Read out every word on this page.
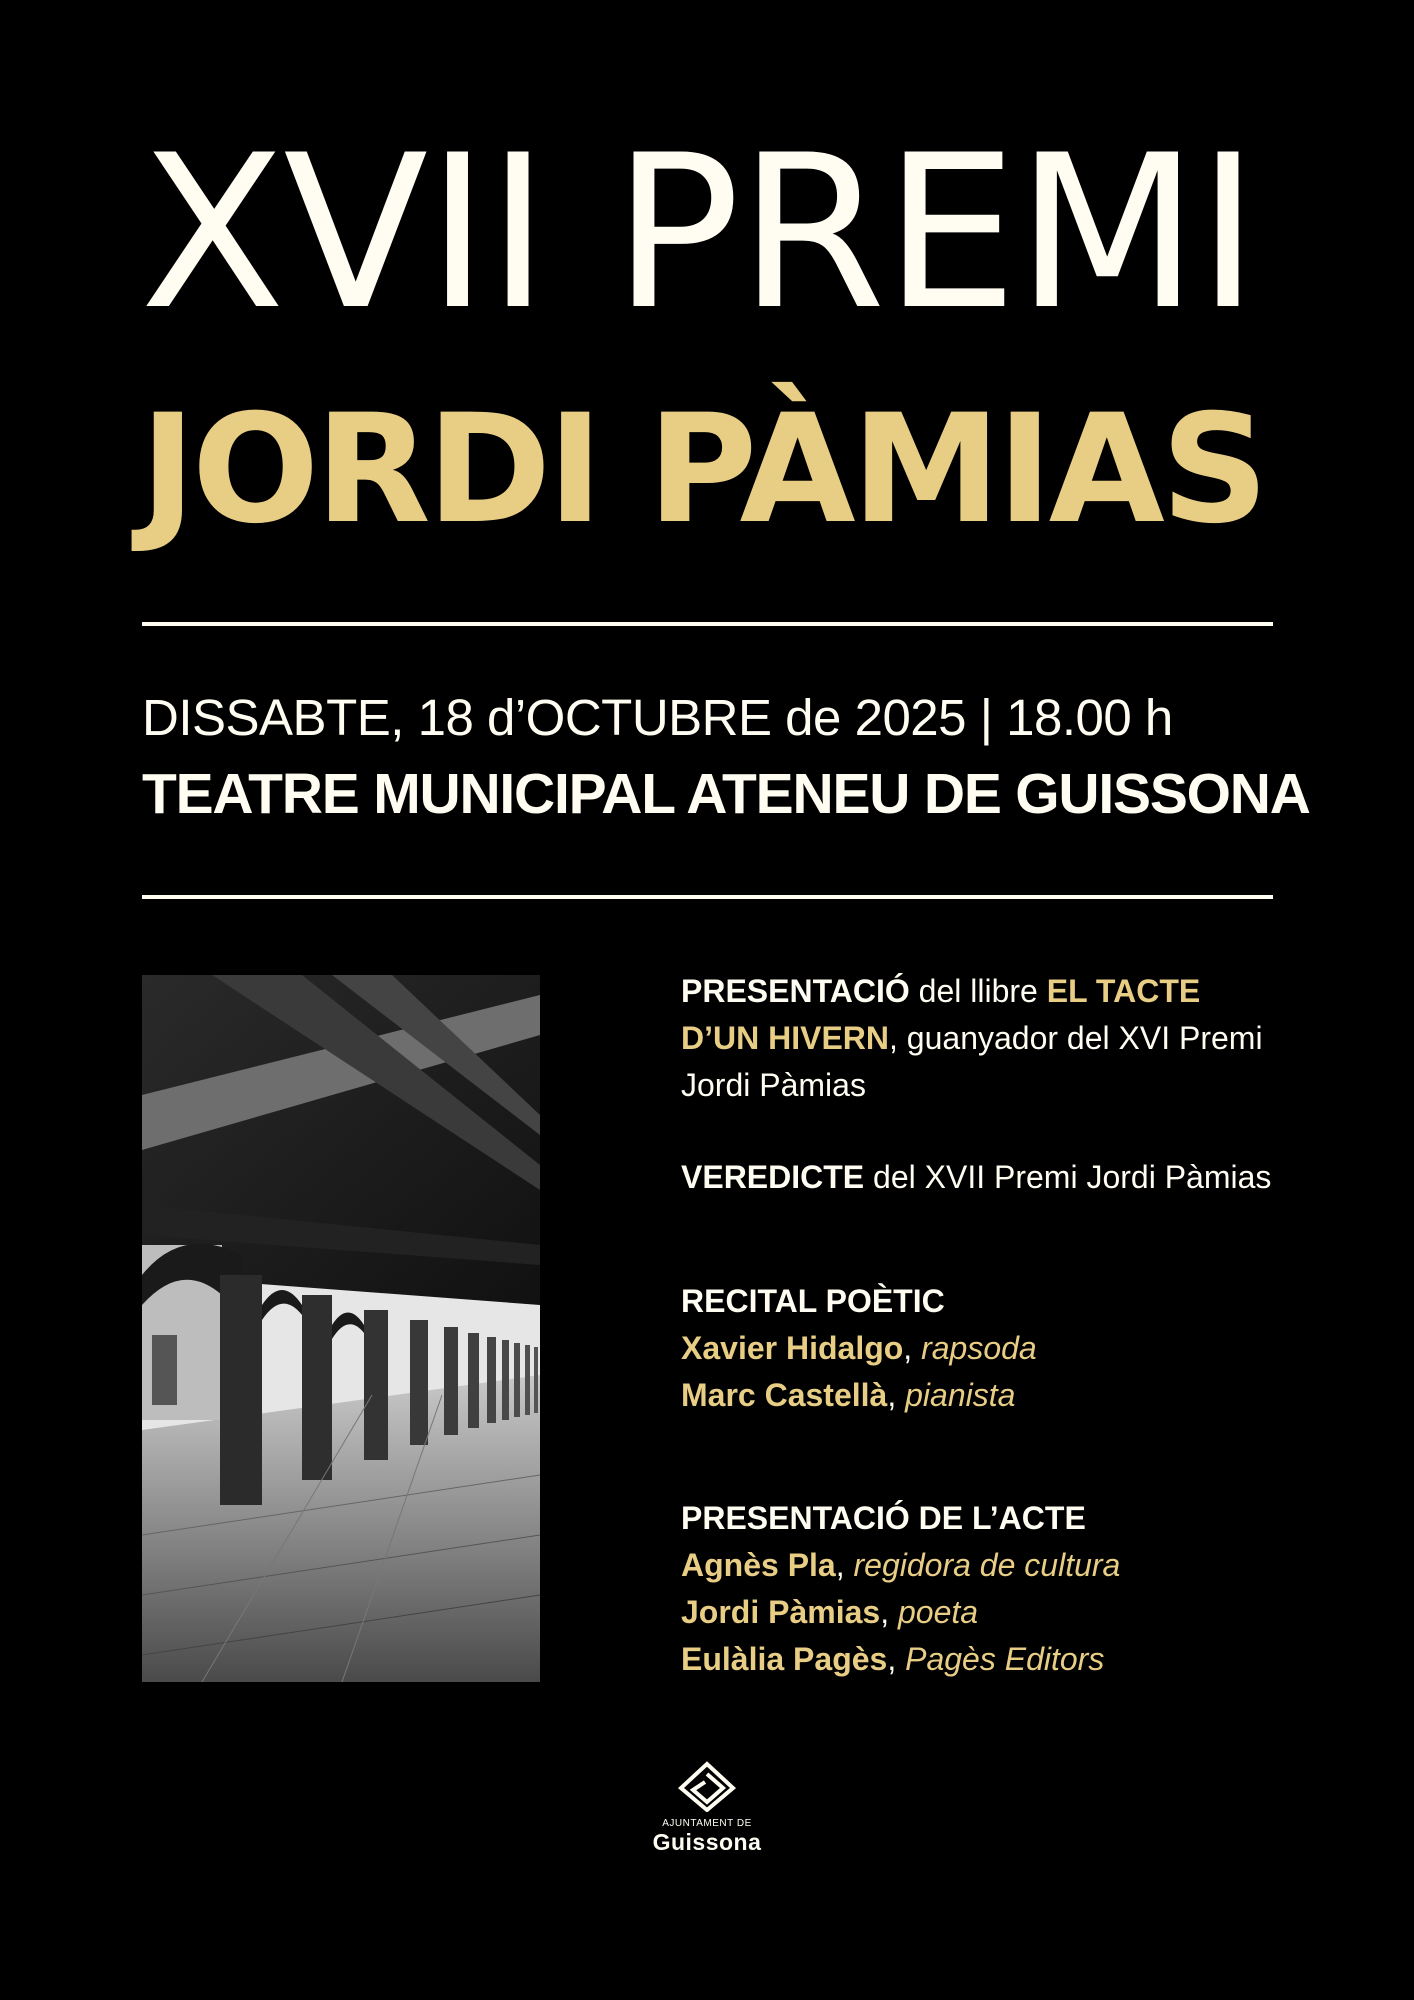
XVII PREMI
JORDI PÀMIAS
DISSABTE, 18 d’OCTUBRE de 2025 | 18.00 h
TEATRE MUNICIPAL ATENEU DE GUISSONA
PRESENTACIÓ del llibre EL TACTE D’UN HIVERN, guanyador del XVI Premi Jordi Pàmias
VEREDICTE del XVII Premi Jordi Pàmias
RECITAL POÈTIC
Xavier Hidalgo, rapsoda
Marc Castellà, pianista
PRESENTACIÓ DE L’ACTE
Agnès Pla, regidora de cultura
Jordi Pàmias, poeta
Eulàlia Pagès, Pagès Editors
AJUNTAMENT DE
Guissona
